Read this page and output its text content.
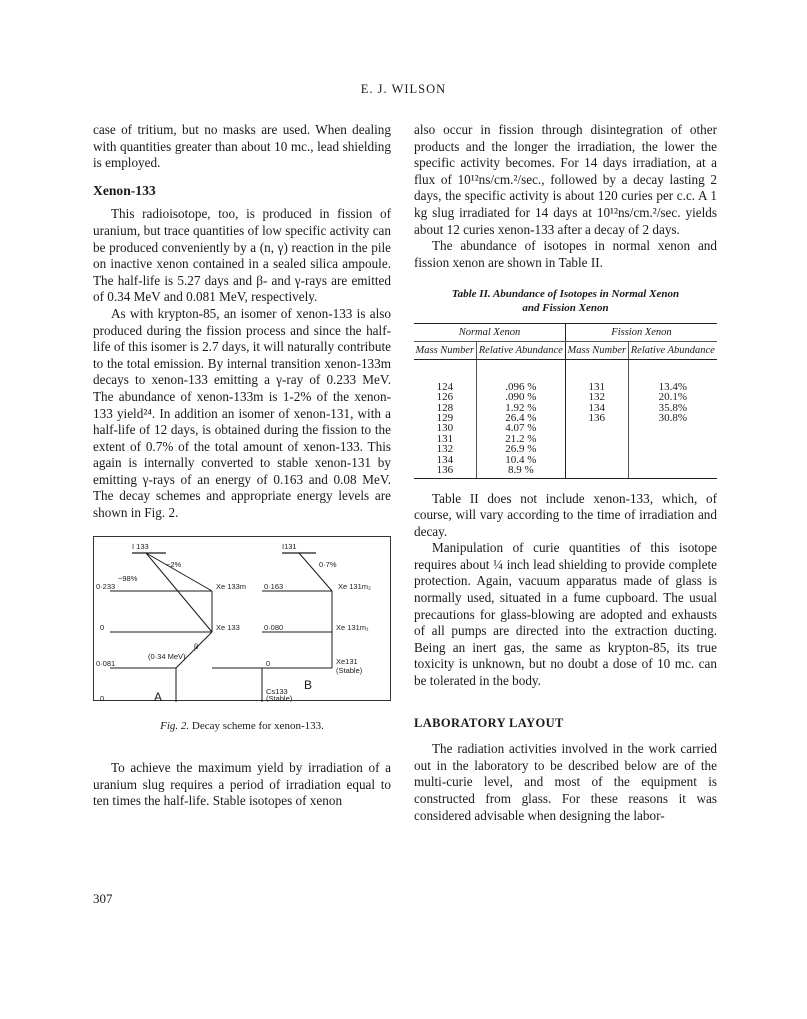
E. J. WILSON

case of tritium, but no masks are used. When dealing with quantities greater than about 10 mc., lead shielding is employed.

Xenon-133

This radioisotope, too, is produced in fission of uranium, but trace quantities of low specific activity can be produced conveniently by a (n, γ) reaction in the pile on inactive xenon contained in a sealed silica ampoule. The half-life is 5.27 days and β- and γ-rays are emitted of 0.34 MeV and 0.081 MeV, respectively.

As with krypton-85, an isomer of xenon-133 is also produced during the fission process and since the half-life of this isomer is 2.7 days, it will naturally contribute to the total emission. By internal transition xenon-133m decays to xenon-133 emitting a γ-ray of 0.233 MeV. The abundance of xenon-133m is 1-2% of the xenon-133 yield²⁴. In addition an isomer of xenon-131, with a half-life of 12 days, is obtained during the fission to the extent of 0.7% of the total amount of xenon-133. This again is internally converted to stable xenon-131 by emitting γ-rays of an energy of 0.163 and 0.08 MeV. The decay schemes and appropriate energy levels are shown in Fig. 2.

I 133	I131
~98%
~2%	0·7%
0·233	0·163
0·080
0·081
0
0
0
Xe 133m	Xe 131m₂
Xe 133	Xe 131m₁
β
(0·34 MeV)
Xe131
(Stable)
Cs133
(Stable)
A
B
Fig. 2. Decay scheme for xenon-133.

To achieve the maximum yield by irradiation of a uranium slug requires a period of irradiation equal to ten times the half-life. Stable isotopes of xenon

also occur in fission through disintegration of other products and the longer the irradiation, the lower the specific activity becomes. For 14 days irradiation, at a flux of 10¹²ns/cm.²/sec., followed by a decay lasting 2 days, the specific activity is about 120 curies per c.c. A 1 kg slug irradiated for 14 days at 10¹²ns/cm.²/sec. yields about 12 curies xenon-133 after a decay of 2 days.

The abundance of isotopes in normal xenon and fission xenon are shown in Table II.

Table II. Abundance of Isotopes in Normal Xenon
and Fission Xenon
Normal Xenon		Fission Xenon	
Mass Number	Relative Abundance	Mass Number	Relative Abundance

124	.096 %	131	13.4%
126	.090 %	132	20.1%
128	1.92 %	134	35.8%
129	26.4 %	136	30.8%
130	4.07 %		
131	21.2 %		
132	26.9 %		
134	10.4 %		
136	8.9 %		

Table II does not include xenon-133, which, of course, will vary according to the time of irradiation and decay.

Manipulation of curie quantities of this isotope requires about ¼ inch lead shielding to provide complete protection. Again, vacuum apparatus made of glass is normally used, situated in a fume cupboard. The usual precautions for glass-blowing are adopted and exhausts of all pumps are directed into the extraction ducting. Being an inert gas, the same as krypton-85, its true toxicity is unknown, but no doubt a dose of 10 mc. can be tolerated in the body.

LABORATORY LAYOUT

The radiation activities involved in the work carried out in the laboratory to be described below are of the multi-curie level, and most of the equipment is constructed from glass. For these reasons it was considered advisable when designing the labor-

307
